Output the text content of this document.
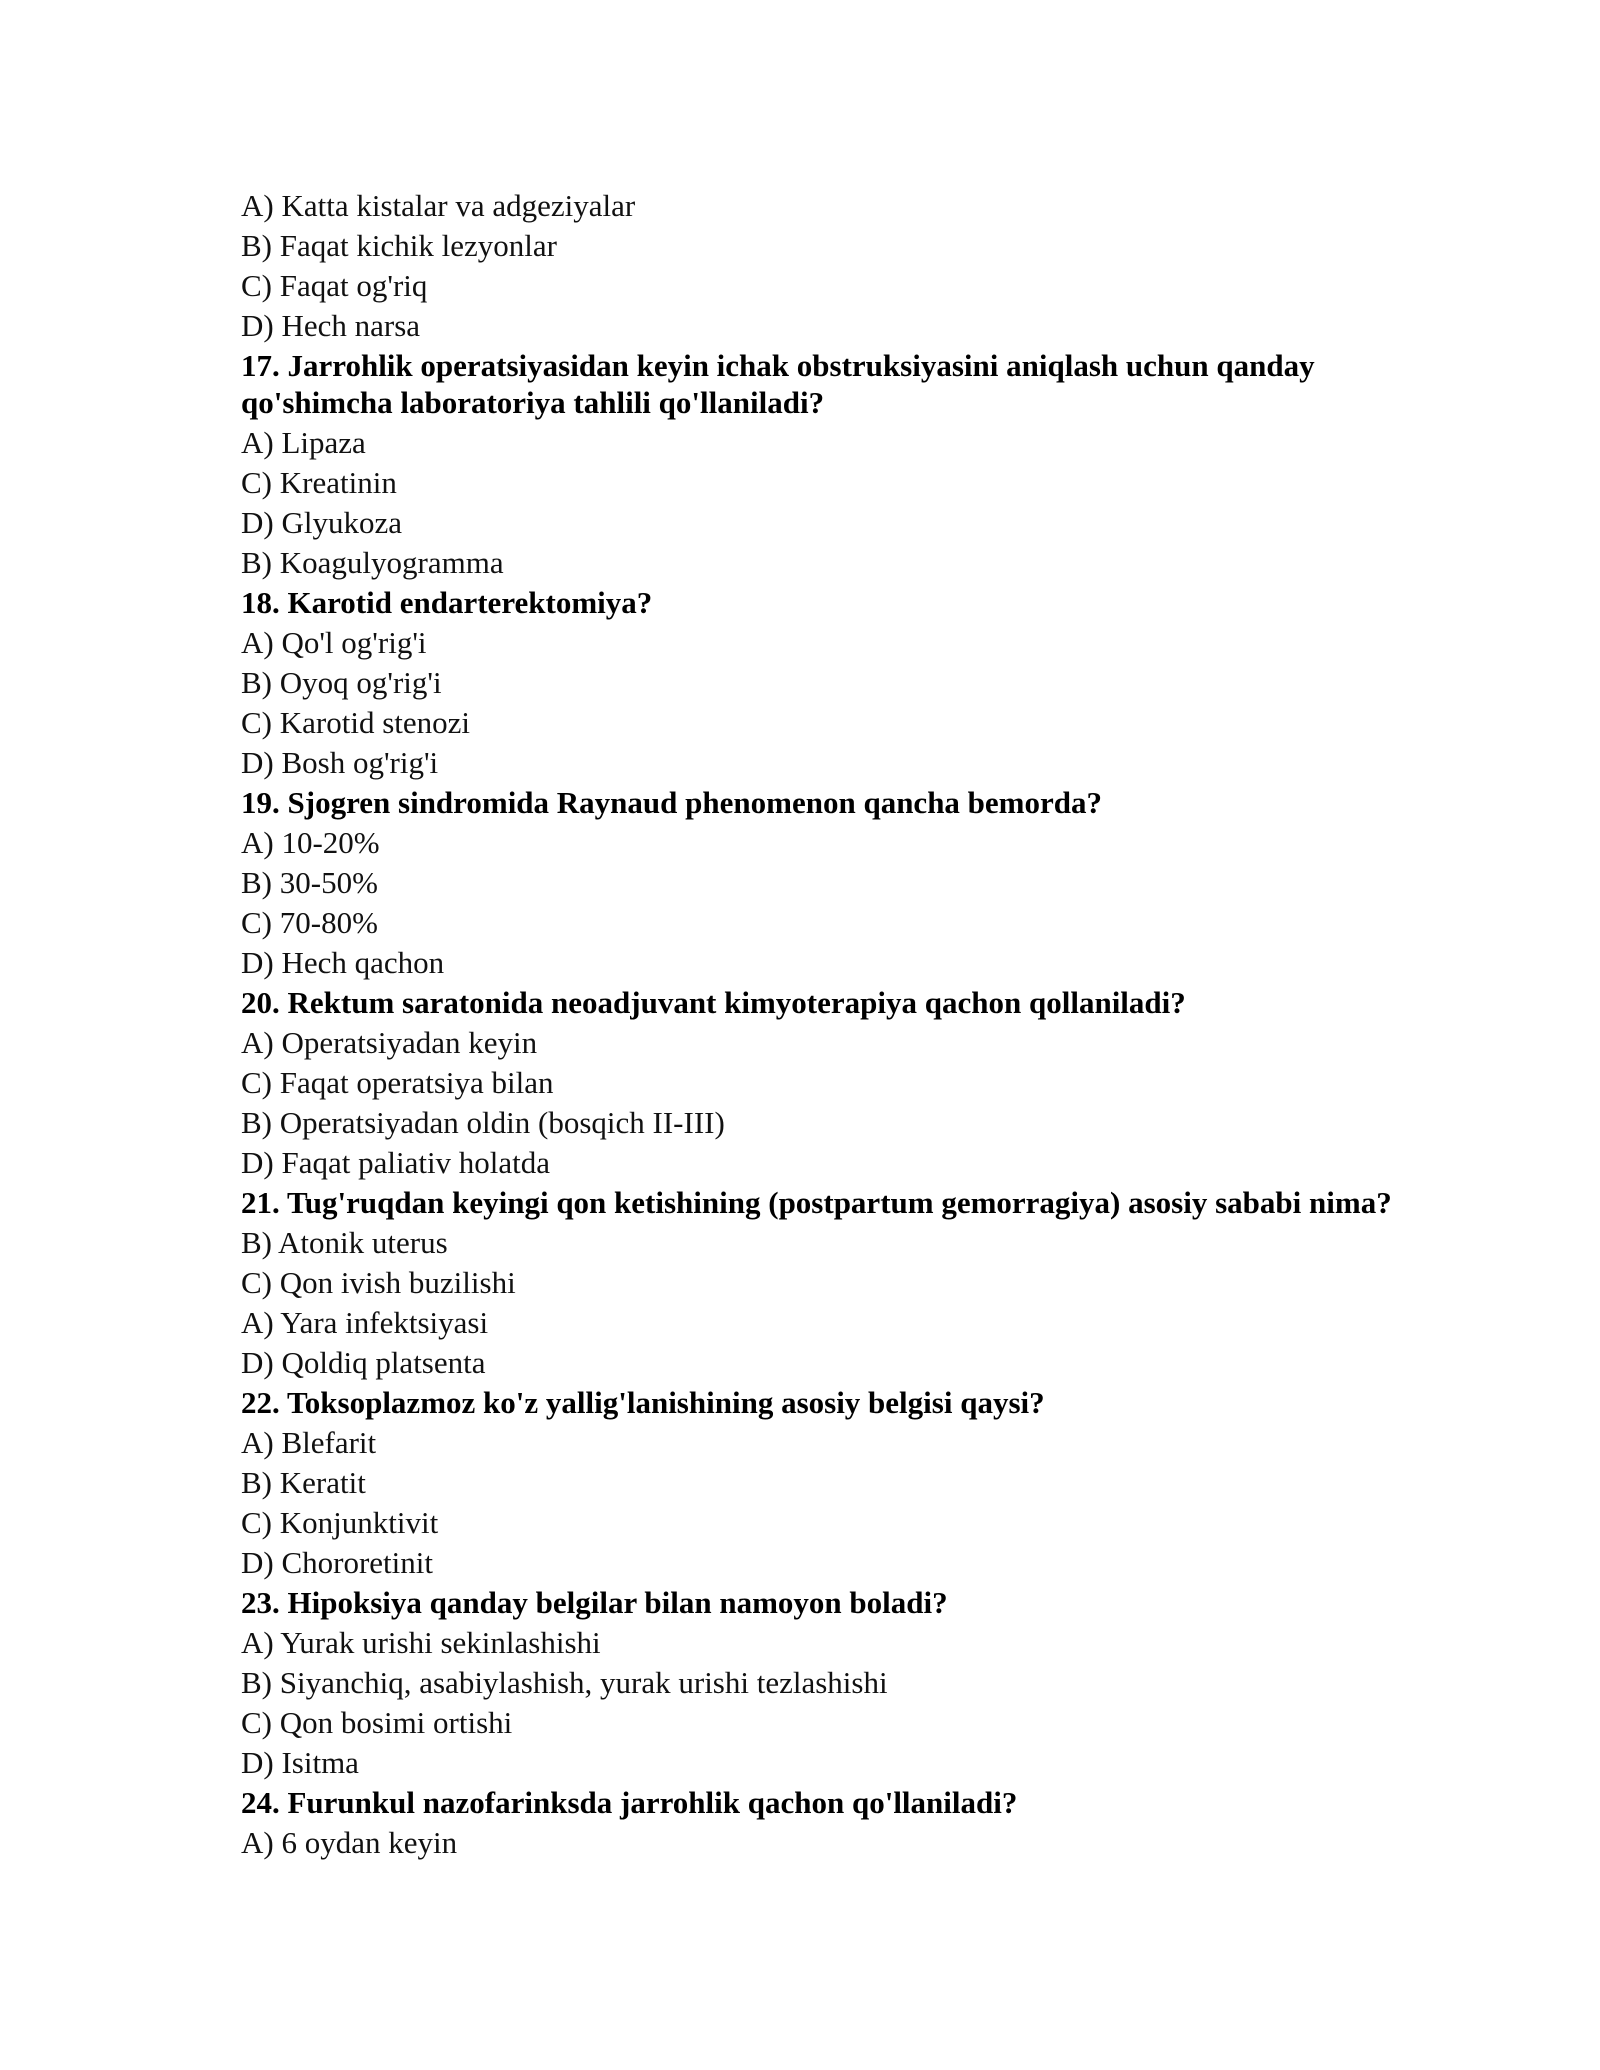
A) Katta kistalar va adgeziyalar
B) Faqat kichik lezyonlar
C) Faqat og'riq
D) Hech narsa
17. Jarrohlik operatsiyasidan keyin ichak obstruksiyasini aniqlash uchun qanday qo'shimcha laboratoriya tahlili qo'llaniladi?
A) Lipaza
C) Kreatinin
D) Glyukoza
B) Koagulyogramma
18. Karotid endarterektomiya?
A) Qo'l og'rig'i
B) Oyoq og'rig'i
C) Karotid stenozi
D) Bosh og'rig'i
19. Sjogren sindromida Raynaud phenomenon qancha bemorda?
A) 10-20%
B) 30-50%
C) 70-80%
D) Hech qachon
20. Rektum saratonida neoadjuvant kimyoterapiya qachon qollaniladi?
A) Operatsiyadan keyin
C) Faqat operatsiya bilan
B) Operatsiyadan oldin (bosqich II-III)
D) Faqat paliativ holatda
21. Tug'ruqdan keyingi qon ketishining (postpartum gemorragiya) asosiy sababi nima?
B) Atonik uterus
C) Qon ivish buzilishi
A) Yara infektsiyasi
D) Qoldiq platsenta
22. Toksoplazmoz ko'z yallig'lanishining asosiy belgisi qaysi?
A) Blefarit
B) Keratit
C) Konjunktivit
D) Chororetinit
23. Hipoksiya qanday belgilar bilan namoyon boladi?
A) Yurak urishi sekinlashishi
B) Siyanchiq, asabiylashish, yurak urishi tezlashishi
C) Qon bosimi ortishi
D) Isitma
24. Furunkul nazofarinksda jarrohlik qachon qo'llaniladi?
A) 6 oydan keyin
